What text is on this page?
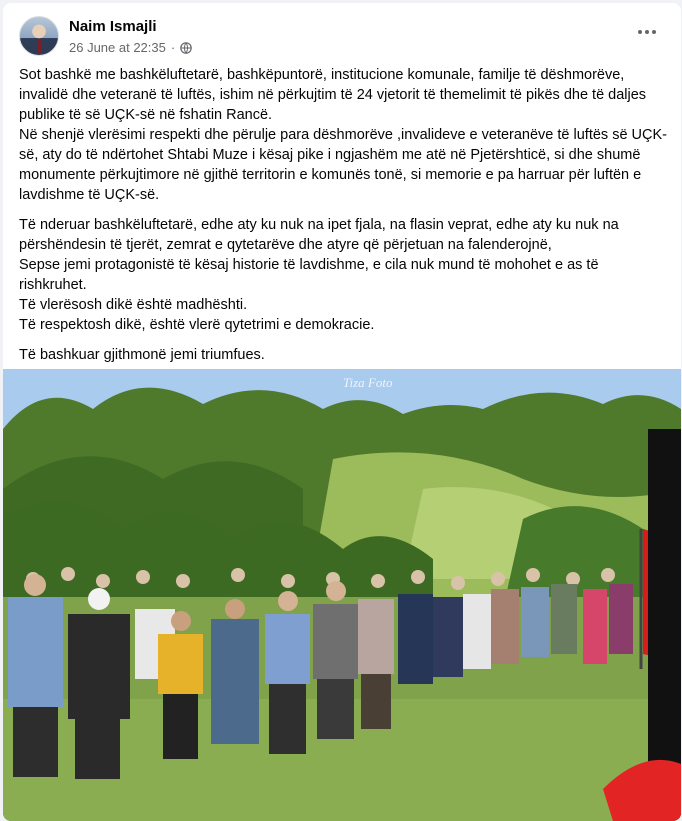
Naim Ismajli
26 June at 22:35 ·

Sot bashkë me bashkëluftetarë, bashkëpuntorë, institucione komunale, familje të dëshmorëve, invalidë dhe veteranë të luftës, ishim në përkujtim të 24 vjetorit të themelimit të pikës dhe të daljes publike të së UÇK-së në fshatin Rancë.

Në shenjë vlerësimi respekti dhe përulje para dëshmorëve ,invalideve e veteranëve të luftës së UÇK-së, aty do të ndërtohet Shtabi Muze i kësaj pike i ngjashëm me atë në Pjetërshticë, si dhe shumë monumente përkujtimore në gjithë territorin e komunës tonë, si memorie e pa harruar për luftën e lavdishme të UÇK-së.

Të nderuar bashkëluftetarë, edhe aty ku nuk na ipet fjala, na flasin veprat, edhe aty ku nuk na përshëndesin të tjerët, zemrat e qytetarëve dhe atyre që përjetuan na falenderojnë,

Sepse jemi protagonistë të kësaj historie të lavdishme, e cila nuk mund të mohohet e as të rishkruhet.

Të vlerësosh dikë është madhështi.

Të respektosh dikë, është vlerë qytetrimi e demokracie.

Të bashkuar gjithmonë jemi triumfues.

Tiza Foto
